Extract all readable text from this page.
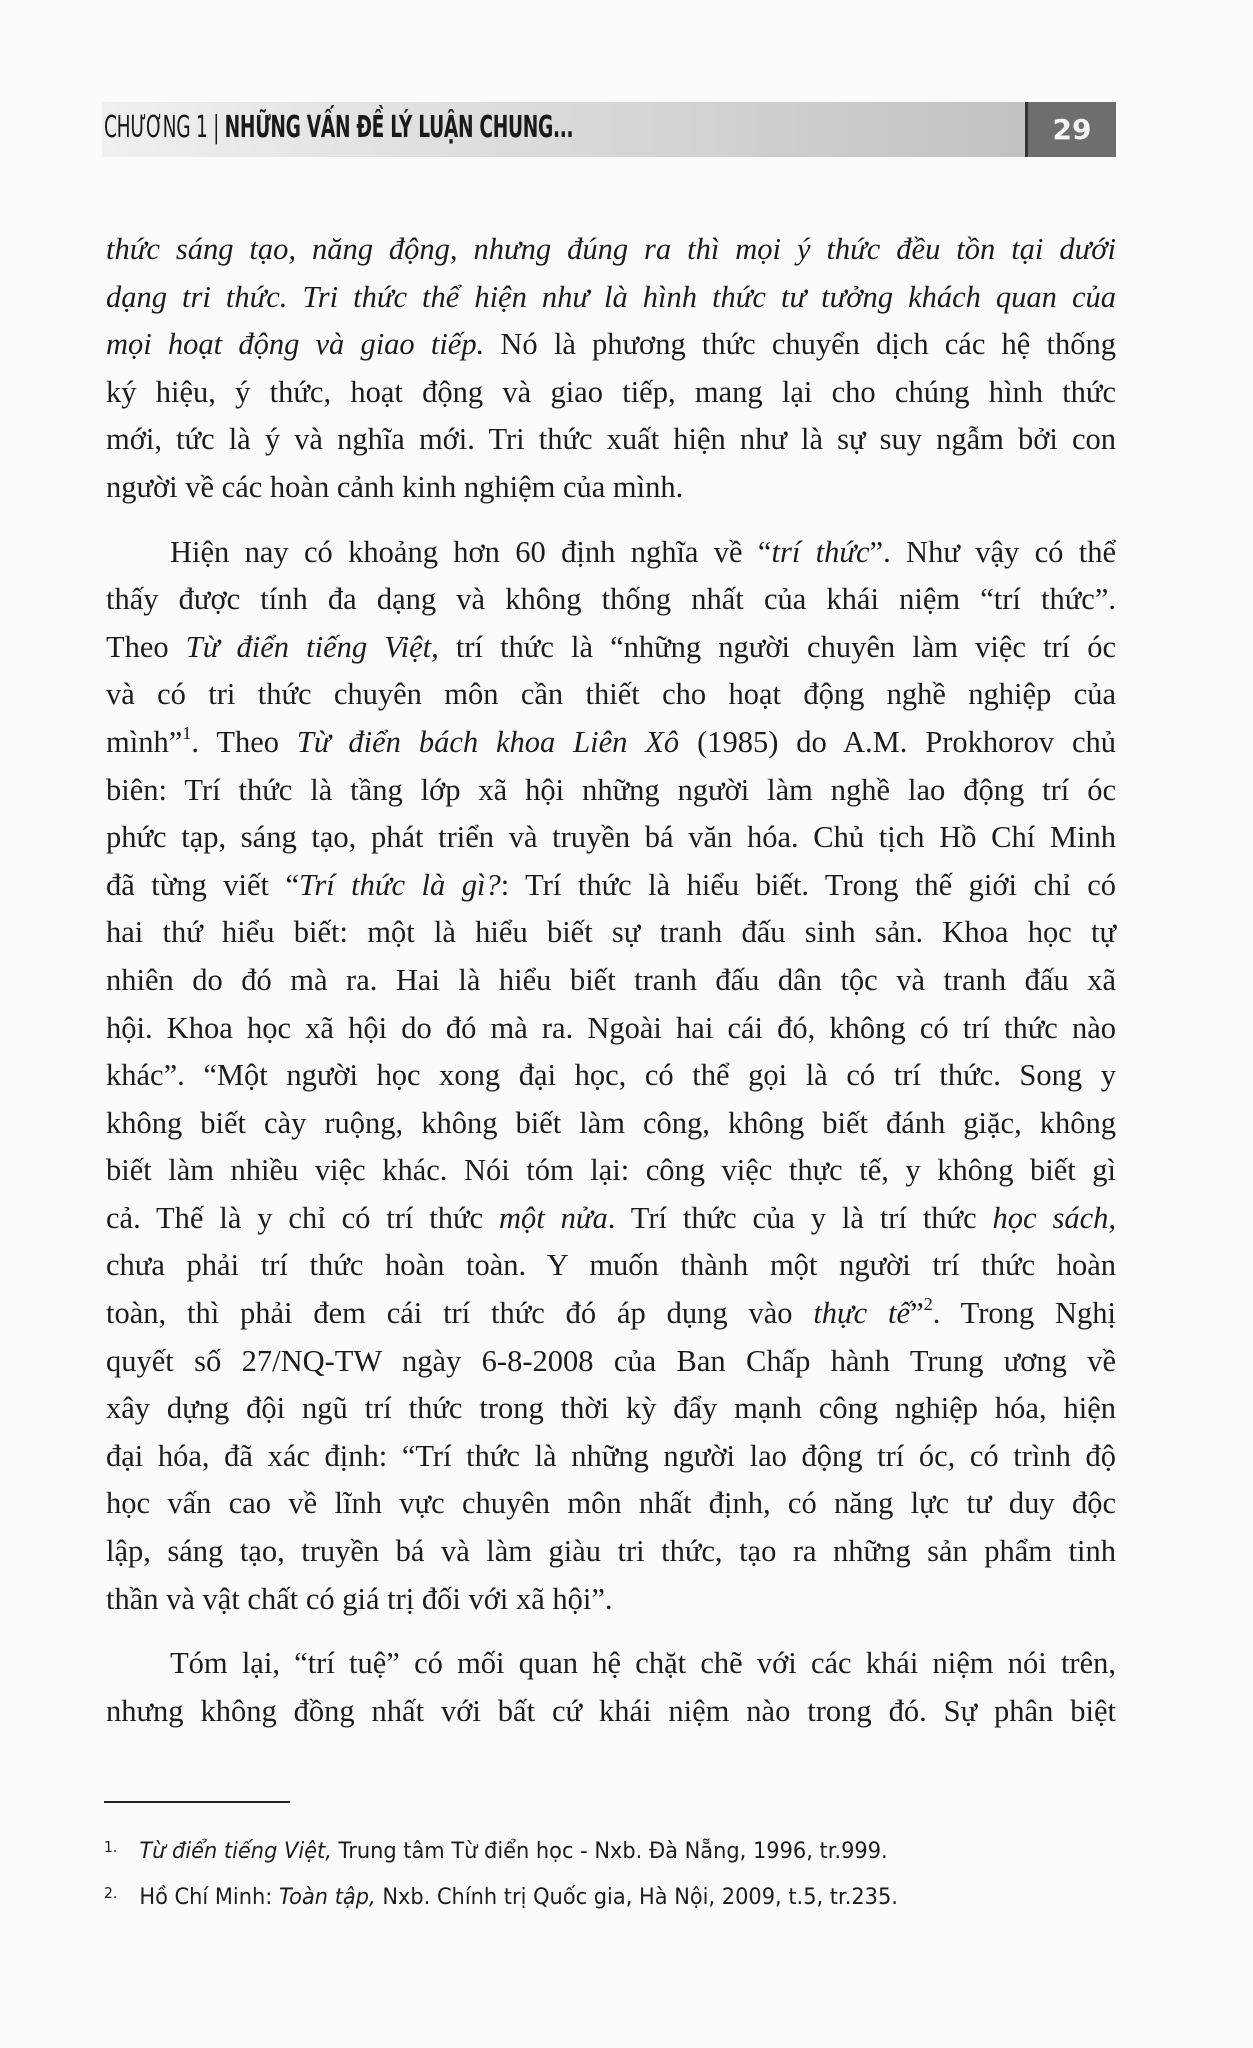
CHƯƠNG 1 | NHỮNG VẤN ĐỀ LÝ LUẬN CHUNG...	29
thức sáng tạo, năng động, nhưng đúng ra thì mọi ý thức đều tồn tại dưới
dạng tri thức. Tri thức thể hiện như là hình thức tư tưởng khách quan của
mọi hoạt động và giao tiếp. Nó là phương thức chuyển dịch các hệ thống
ký hiệu, ý thức, hoạt động và giao tiếp, mang lại cho chúng hình thức
mới, tức là ý và nghĩa mới. Tri thức xuất hiện như là sự suy ngẫm bởi con
người về các hoàn cảnh kinh nghiệm của mình.
Hiện nay có khoảng hơn 60 định nghĩa về “trí thức”. Như vậy có thể
thấy được tính đa dạng và không thống nhất của khái niệm “trí thức”.
Theo Từ điển tiếng Việt, trí thức là “những người chuyên làm việc trí óc
và có tri thức chuyên môn cần thiết cho hoạt động nghề nghiệp của
mình”$^1$. Theo Từ điển bách khoa Liên Xô (1985) do A.M. Prokhorov chủ
biên: Trí thức là tầng lớp xã hội những người làm nghề lao động trí óc
phức tạp, sáng tạo, phát triển và truyền bá văn hóa. Chủ tịch Hồ Chí Minh
đã từng viết “Trí thức là gì?: Trí thức là hiểu biết. Trong thế giới chỉ có
hai thứ hiểu biết: một là hiểu biết sự tranh đấu sinh sản. Khoa học tự
nhiên do đó mà ra. Hai là hiểu biết tranh đấu dân tộc và tranh đấu xã
hội. Khoa học xã hội do đó mà ra. Ngoài hai cái đó, không có trí thức nào
khác”. “Một người học xong đại học, có thể gọi là có trí thức. Song y
không biết cày ruộng, không biết làm công, không biết đánh giặc, không
biết làm nhiều việc khác. Nói tóm lại: công việc thực tế, y không biết gì
cả. Thế là y chỉ có trí thức một nửa. Trí thức của y là trí thức học sách,
chưa phải trí thức hoàn toàn. Y muốn thành một người trí thức hoàn
toàn, thì phải đem cái trí thức đó áp dụng vào thực tế”$^2$. Trong Nghị
quyết số 27/NQ-TW ngày 6-8-2008 của Ban Chấp hành Trung ương về
xây dựng đội ngũ trí thức trong thời kỳ đẩy mạnh công nghiệp hóa, hiện
đại hóa, đã xác định: “Trí thức là những người lao động trí óc, có trình độ
học vấn cao về lĩnh vực chuyên môn nhất định, có năng lực tư duy độc
lập, sáng tạo, truyền bá và làm giàu tri thức, tạo ra những sản phẩm tinh
thần và vật chất có giá trị đối với xã hội”.
Tóm lại, “trí tuệ” có mối quan hệ chặt chẽ với các khái niệm nói trên,
nhưng không đồng nhất với bất cứ khái niệm nào trong đó. Sự phân biệt
1. Từ điển tiếng Việt, Trung tâm Từ điển học - Nxb. Đà Nẵng, 1996, tr.999.
2. Hồ Chí Minh: Toàn tập, Nxb. Chính trị Quốc gia, Hà Nội, 2009, t.5, tr.235.
